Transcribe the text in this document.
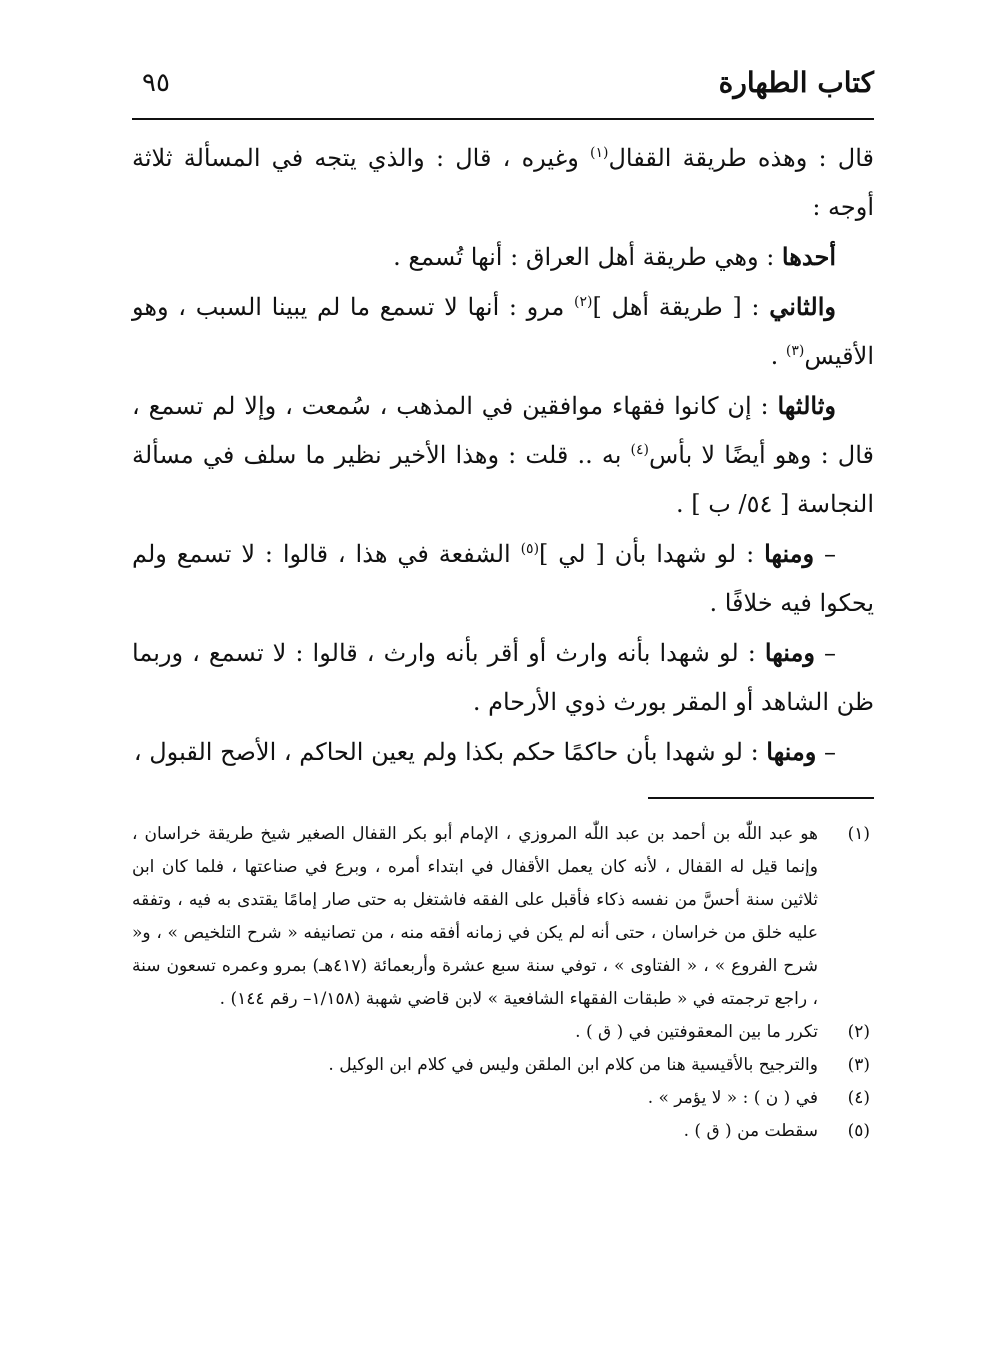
كتاب الطهارة
٩٥

قال : وهذه طريقة القفال$^{(١)}$ وغيره ، قال : والذي يتجه في المسألة ثلاثة أوجه :

أحدها : وهي طريقة أهل العراق : أنها تُسمع .

والثاني : [ طريقة أهل ]$^{(٢)}$ مرو : أنها لا تسمع ما لم يبينا السبب ، وهو الأقيس$^{(٣)}$ .

وثالثها : إن كانوا فقهاء موافقين في المذهب ، سُمعت ، وإلا لم تسمع ، قال : وهو أيضًا لا بأس$^{(٤)}$ به .. قلت : وهذا الأخير نظير ما سلف في مسألة النجاسة [ ٥٤/ ب ] .

– ومنها : لو شهدا بأن [ لي ]$^{(٥)}$ الشفعة في هذا ، قالوا : لا تسمع ولم يحكوا فيه خلافًا .

– ومنها : لو شهدا بأنه وارث أو أقر بأنه وارث ، قالوا : لا تسمع ، وربما ظن الشاهد أو المقر بورث ذوي الأرحام .

– ومنها : لو شهدا بأن حاكمًا حكم بكذا ولم يعين الحاكم ، الأصح القبول ،

(١)
هو عبد اللّٰه بن أحمد بن عبد اللّٰه المروزي ، الإمام أبو بكر القفال الصغير شيخ طريقة خراسان ، وإنما قيل له القفال ، لأنه كان يعمل الأقفال في ابتداء أمره ، وبرع في صناعتها ، فلما كان ابن ثلاثين سنة أحسَّ من نفسه ذكاء فأقبل على الفقه فاشتغل به حتى صار إمامًا يقتدى به فيه ، وتفقه عليه خلق من خراسان ، حتى أنه لم يكن في زمانه أفقه منه ، من تصانيفه « شرح التلخيص » ، و« شرح الفروع » ، « الفتاوى » ، توفي سنة سبع عشرة وأربعمائة (٤١٧هـ) بمرو وعمره تسعون سنة ، راجع ترجمته في « طبقات الفقهاء الشافعية » لابن قاضي شهبة (١/١٥٨– رقم ١٤٤) .
(٢)
تكرر ما بين المعقوفتين في ( ق ) .
(٣)
والترجيح بالأقيسية هنا من كلام ابن الملقن وليس في كلام ابن الوكيل .
(٤)
في ( ن ) : « لا يؤمر » .
(٥)
سقطت من ( ق ) .
